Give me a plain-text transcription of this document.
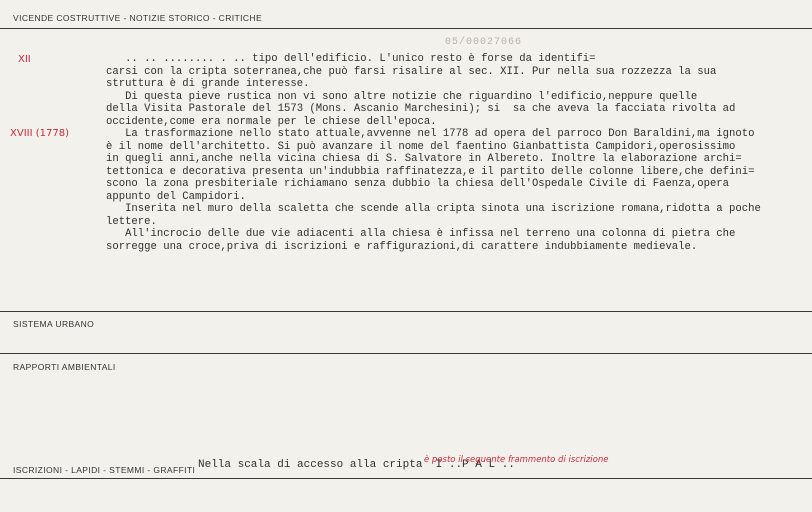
VICENDE COSTRUTTIVE - NOTIZIE STORICO - CRITICHE
05/00027066
XII
XVIII (1778)
.. .. ........ . .. tipo dell'edificio. L'unico resto è forse da identifi=
carsi con la cripta soterranea,che può farsi risalire al sec. XII. Pur nella sua rozzezza la sua
struttura è di grande interesse.
Di questa pieve rustica non vi sono altre notizie che riguardino l'edificio,neppure quelle
della Visita Pastorale del 1573 (Mons. Ascanio Marchesini); si  sa che aveva la facciata rivolta ad
occidente,come era normale per le chiese dell'epoca.
La trasformazione nello stato attuale,avvenne nel 1778 ad opera del parroco Don Baraldini,ma ignoto
è il nome dell'architetto. Si può avanzare il nome del faentino Gianbattista Campidori,operosissimo
in quegli anni,anche nella vicina chiesa di S. Salvatore in Albereto. Inoltre la elaborazione archi=
tettonica e decorativa presenta un'indubbia raffinatezza,e il partito delle colonne libere,che defini=
scono la zona presbiteriale richiamano senza dubbio la chiesa dell'Ospedale Civile di Faenza,opera
appunto del Campidori.
Inserita nel muro della scaletta che scende alla cripta sinota una iscrizione romana,ridotta a poche
lettere.
All'incrocio delle due vie adiacenti alla chiesa è infissa nel terreno una colonna di pietra che
sorregge una croce,priva di iscrizioni e raffigurazioni,di carattere indubbiamente medievale.
SISTEMA URBANO
RAPPORTI AMBIENTALI
ISCRIZIONI - LAPIDI - STEMMI - GRAFFITI Nella scala di accesso alla cripta  I ..P A L ..
è posto il seguente frammento di iscrizione
